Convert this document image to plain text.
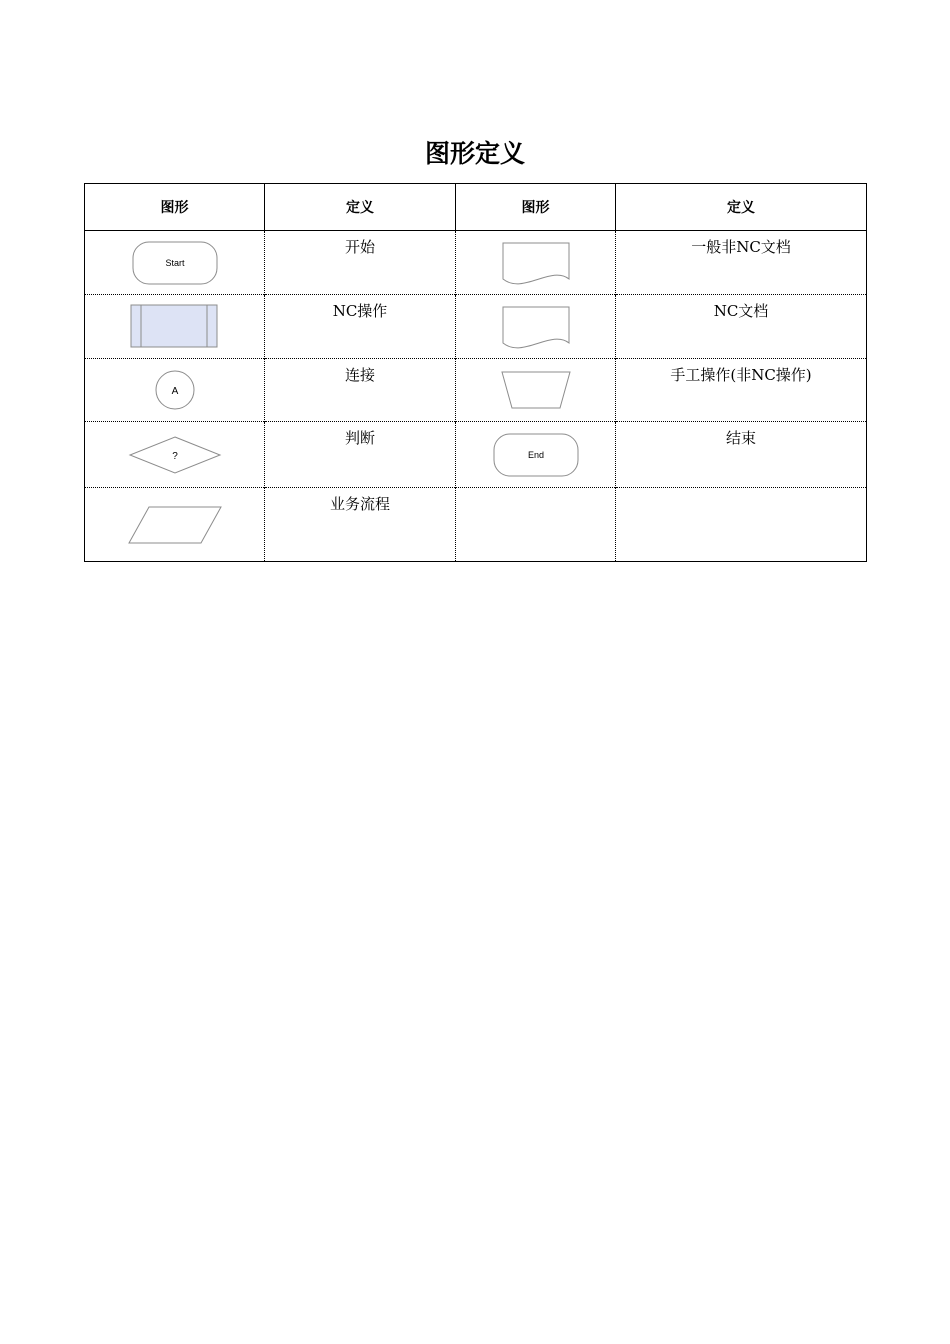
图形定义
图形	定义	图形	定义

Start	开始		一般非NC文档

	NC操作		NC文档

A	连接		手工操作(非NC操作)

?	判断	End	结束

	业务流程		
